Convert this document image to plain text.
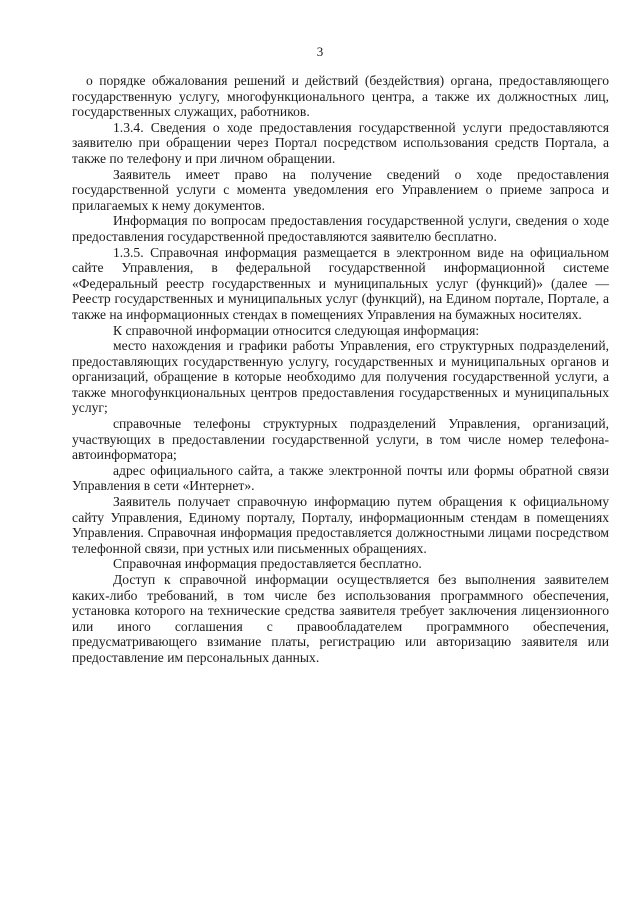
3

о порядке обжалования решений и действий (бездействия) органа, предоставляющего государственную услугу, многофункционального центра, а также их должностных лиц, государственных служащих, работников.

1.3.4. Сведения о ходе предоставления государственной услуги предоставляются заявителю при обращении через Портал посредством использования средств Портала, а также по телефону и при личном обращении.

Заявитель имеет право на получение сведений о ходе предоставления государственной услуги с момента уведомления его Управлением о приеме запроса и прилагаемых к нему документов.

Информация по вопросам предоставления государственной услуги, сведения о ходе предоставления государственной предоставляются заявителю бесплатно.

1.3.5. Справочная информация размещается в электронном виде на официальном сайте Управления, в федеральной государственной информационной системе «Федеральный реестр государственных и муниципальных услуг (функций)» (далее — Реестр государственных и муниципальных услуг (функций), на Едином портале, Портале, а также на информационных стендах в помещениях Управления на бумажных носителях.

К справочной информации относится следующая информация:

место нахождения и графики работы Управления, его структурных подразделений, предоставляющих государственную услугу, государственных и муниципальных органов и организаций, обращение в которые необходимо для получения государственной услуги, а также многофункциональных центров предоставления государственных и муниципальных услуг;

справочные телефоны структурных подразделений Управления, организаций, участвующих в предоставлении государственной услуги, в том числе номер телефона-автоинформатора;

адрес официального сайта, а также электронной почты или формы обратной связи Управления в сети «Интернет».

Заявитель получает справочную информацию путем обращения к официальному сайту Управления, Единому порталу, Порталу, информационным стендам в помещениях Управления. Справочная информация предоставляется должностными лицами посредством телефонной связи, при устных или письменных обращениях.

Справочная информация предоставляется бесплатно.

Доступ к справочной информации осуществляется без выполнения заявителем каких-либо требований, в том числе без использования программного обеспечения, установка которого на технические средства заявителя требует заключения лицензионного или иного соглашения с правообладателем программного обеспечения, предусматривающего взимание платы, регистрацию или авторизацию заявителя или предоставление им персональных данных.
